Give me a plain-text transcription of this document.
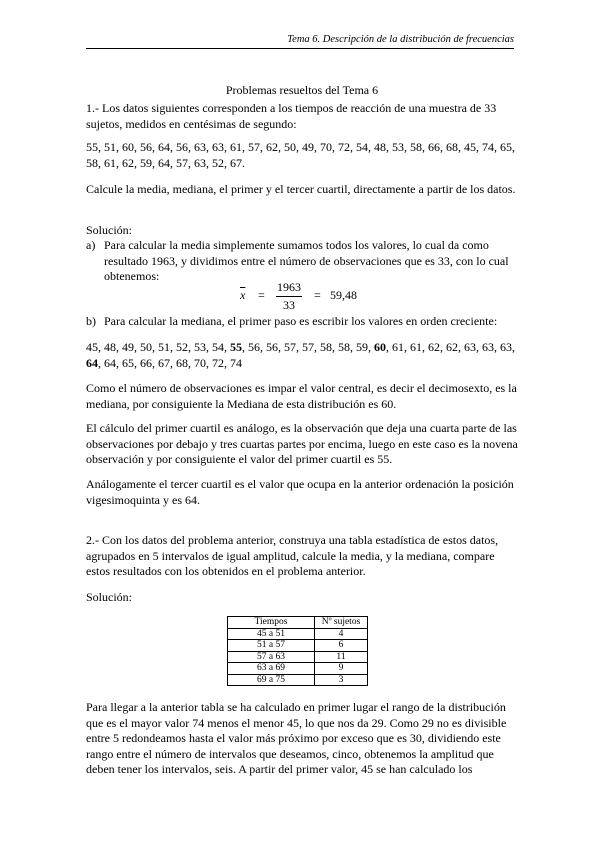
Tema 6. Descripción de la distribución de frecuencias

Problemas resueltos del Tema 6

1.- Los datos siguientes corresponden a los tiempos de reacción de una muestra de 33 sujetos, medidos en centésimas de segundo:

55, 51, 60, 56, 64, 56, 63, 63, 61, 57, 62, 50, 49, 70, 72, 54, 48, 53, 58, 66, 68, 45, 74, 65, 58, 61, 62, 59, 64, 57, 63, 52, 67.

Calcule la media, mediana, el primer y el tercer cuartil, directamente a partir de los datos.

Solución:

a) Para calcular la media simplemente sumamos todos los valores, lo cual da como resultado 1963, y dividimos entre el número de observaciones que es 33, con lo cual obtenemos:
$\overline{x}$ =
1963
33
= 59,48
b) Para calcular la mediana, el primer paso es escribir los valores en orden creciente:

45, 48, 49, 50, 51, 52, 53, 54, 55, 56, 56, 57, 57, 58, 58, 59, 60, 61, 61, 62, 62, 63, 63, 63, 64, 64, 65, 66, 67, 68, 70, 72, 74

Como el número de observaciones es impar el valor central, es decir el decimosexto, es la mediana, por consiguiente la Mediana de esta distribución es 60.

El cálculo del primer cuartil es análogo, es la observación que deja una cuarta parte de las observaciones por debajo y tres cuartas partes por encima, luego en este caso es la novena observación y por consiguiente el valor del primer cuartil es 55.

Análogamente el tercer cuartil es el valor que ocupa en la anterior ordenación la posición vigesimoquinta y es 64.

2.- Con los datos del problema anterior, construya una tabla estadística de estos datos, agrupados en 5 intervalos de igual amplitud, calcule la media, y la mediana, compare estos resultados con los obtenidos en el problema anterior.

Solución:

Tiempos	Nº sujetos
45 a 51	4
51 a 57	6
57 a 63	11
63 a 69	9
69 a 75	3

Para llegar a la anterior tabla se ha calculado en primer lugar el rango de la distribución que es el mayor valor 74 menos el menor 45, lo que nos da 29. Como 29 no es divisible entre 5 redondeamos hasta el valor más próximo por exceso que es 30, dividiendo este rango entre el número de intervalos que deseamos, cinco, obtenemos la amplitud que deben tener los intervalos, seis. A partir del primer valor, 45 se han calculado los
